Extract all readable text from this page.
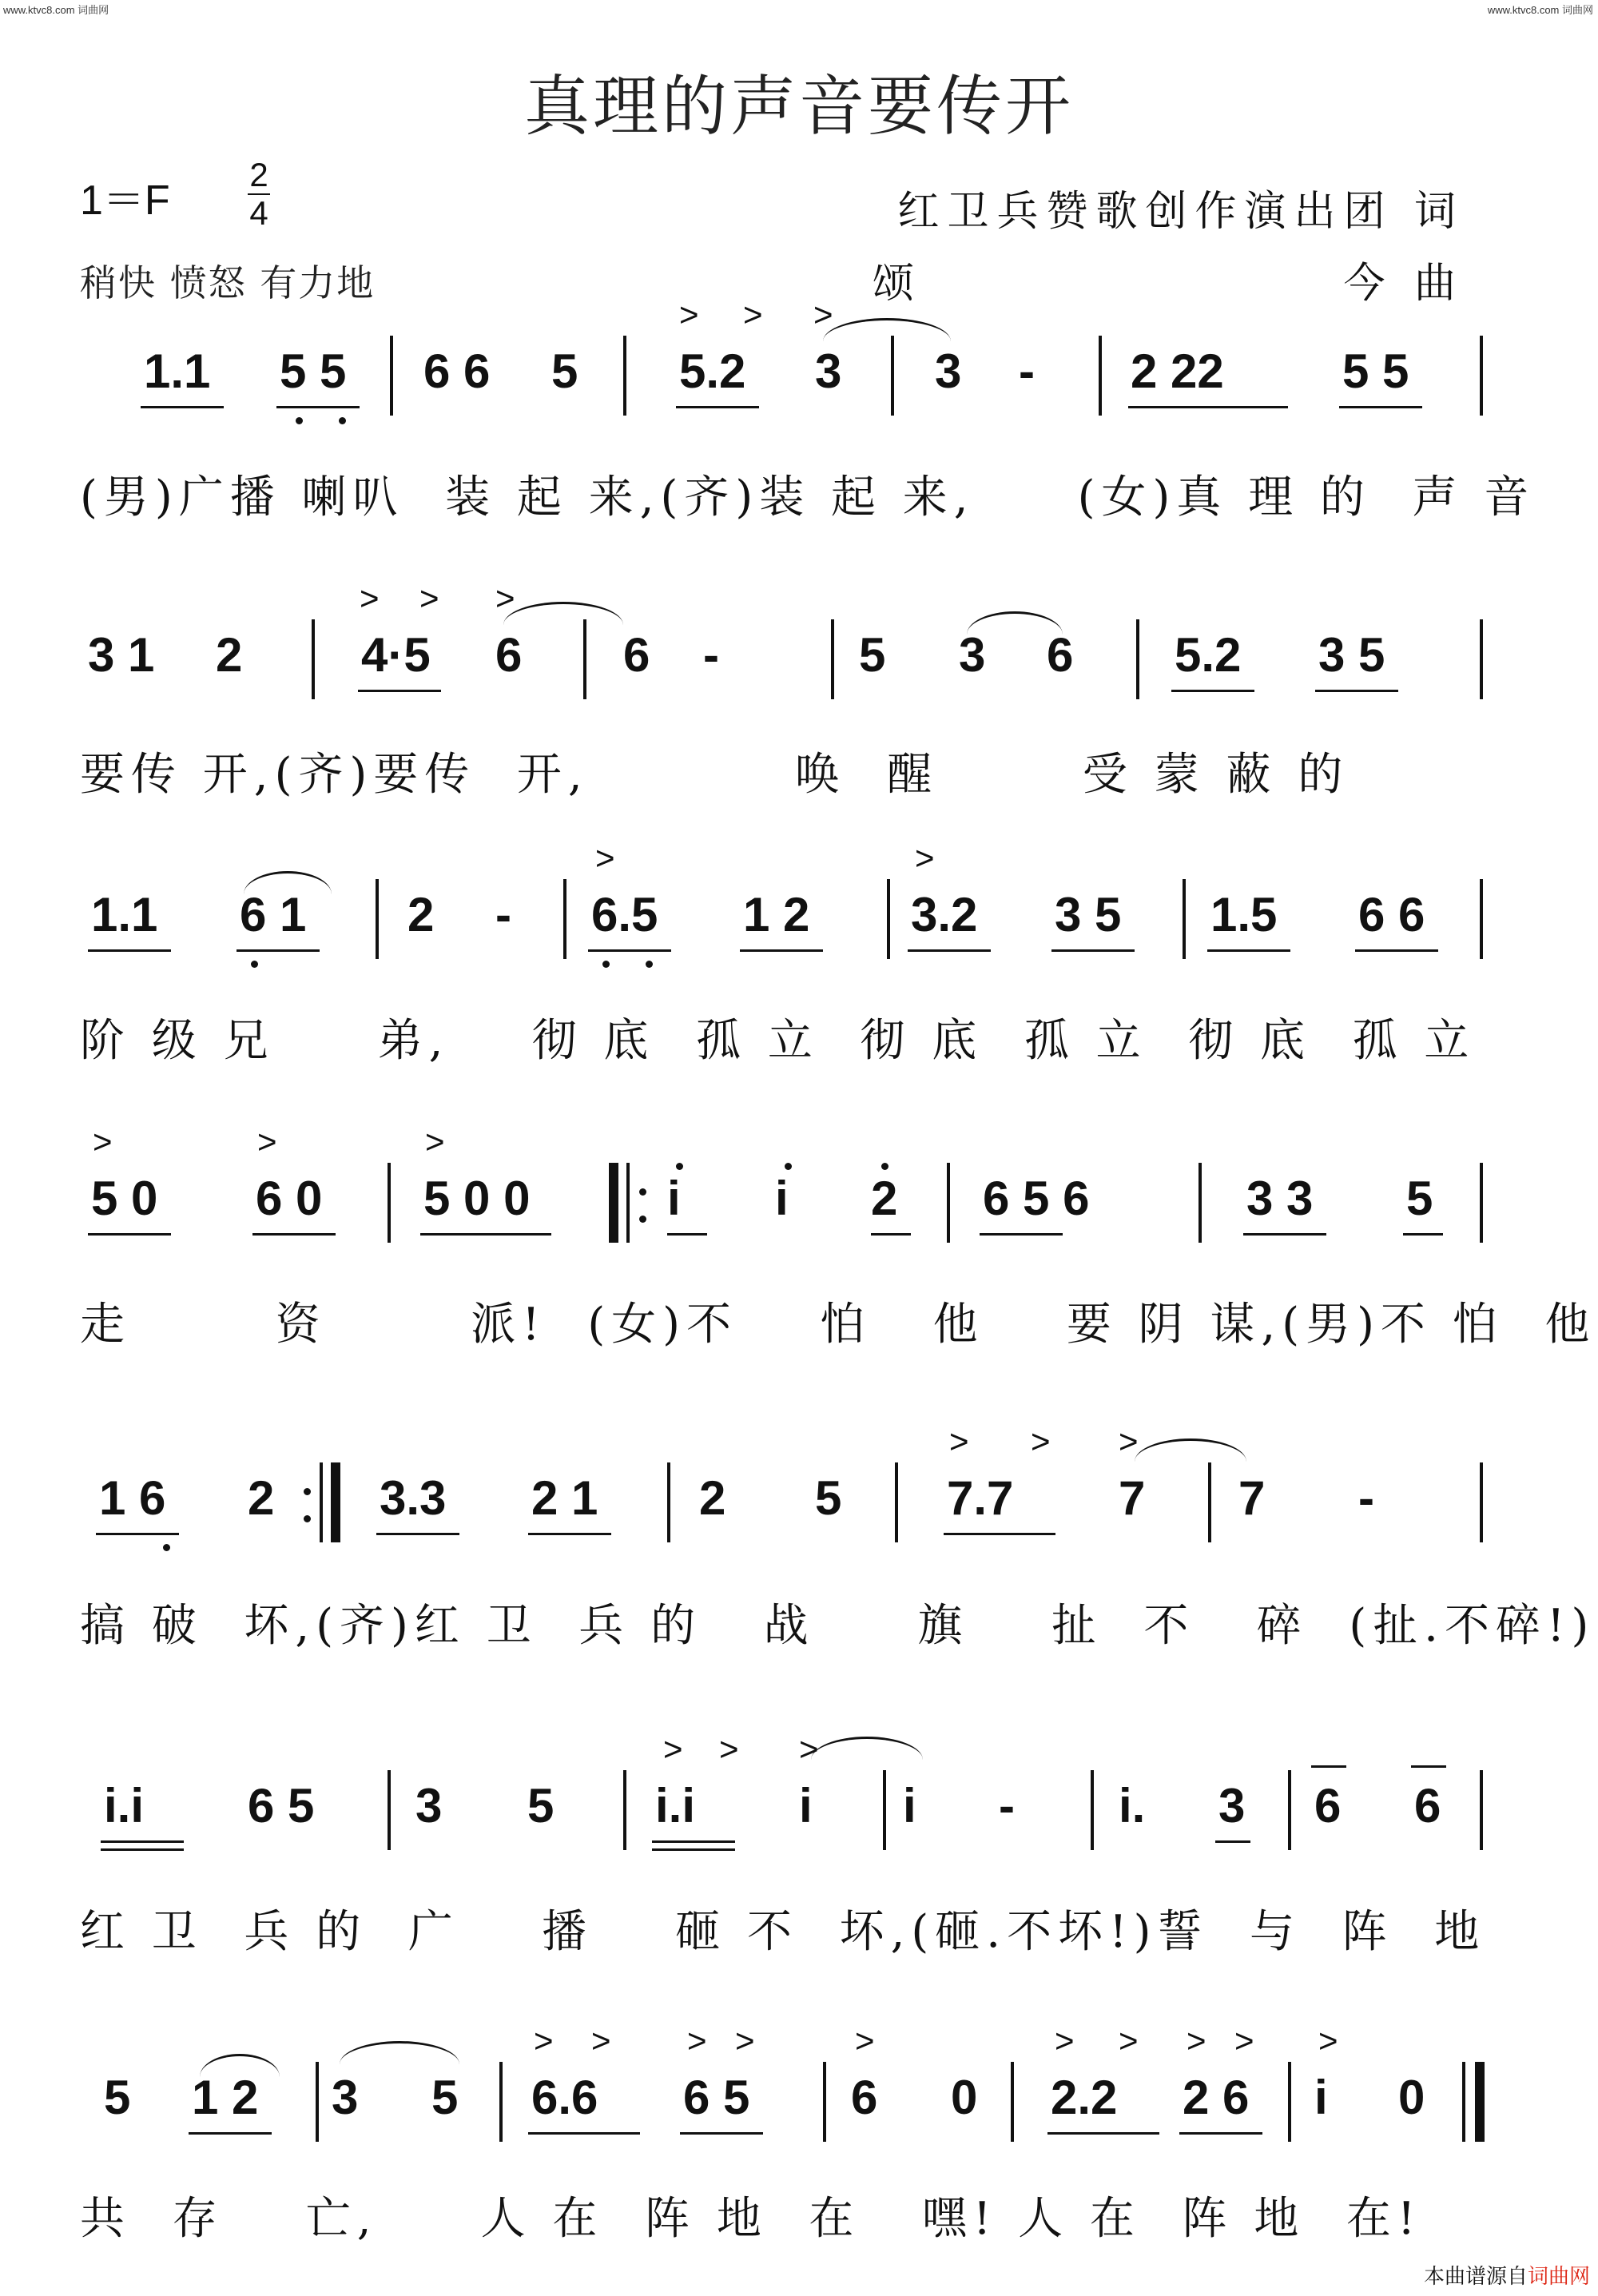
www.ktvc8.com 词曲网	www.ktvc8.com 词曲网
真理的声音要传开
1＝F
2
4
稍快 愤怒 有力地
红卫兵赞歌创作演出团 词
颂	今 曲
1.1 5 5 6 6 5 5.2 3 3 - 2 22 5 5
> > >
(男)广播 喇叭  装 起 来,(齐)装 起 来,     (女)真 理 的  声 音
3 1 2 4·5 6 6 -	5 3 6 5.2 3 5
> > >
要传 开,(齐)要传  开,          唤  醒       受 蒙 蔽 的
1.1 6 1 2 - 6.5 1 2 3.2 3 5 1.5 6 6
>	>
阶 级 兄     弟,    彻 底  孤 立  彻 底  孤 立  彻 底  孤 立
5 0 6 0 5 0 0	i i 2 6 5 6	3 3 5
>	>	>
走       资       派!  (女)不    怕   他    要 阴 谋,(男)不 怕  他
1 6 2 3.3 2 1 2 5 7.7 7 7 -
> > >
搞 破  坏,(齐)红 卫  兵 的   战     旗    扯  不   碎  (扯.不碎!)
i.i 6 5 3 5 i.i i i - i. 3 6 6
> > >
红 卫  兵 的  广    播    砸 不  坏,(砸.不坏!)誓  与  阵  地
5 1 2 3 5 6.6 6 5 6 0 2.2 2 6 i 0
> > > >	>	> > > > >
共  存    亡,     人 在  阵 地  在   嘿! 人 在  阵 地  在!
本曲谱源自词曲网
